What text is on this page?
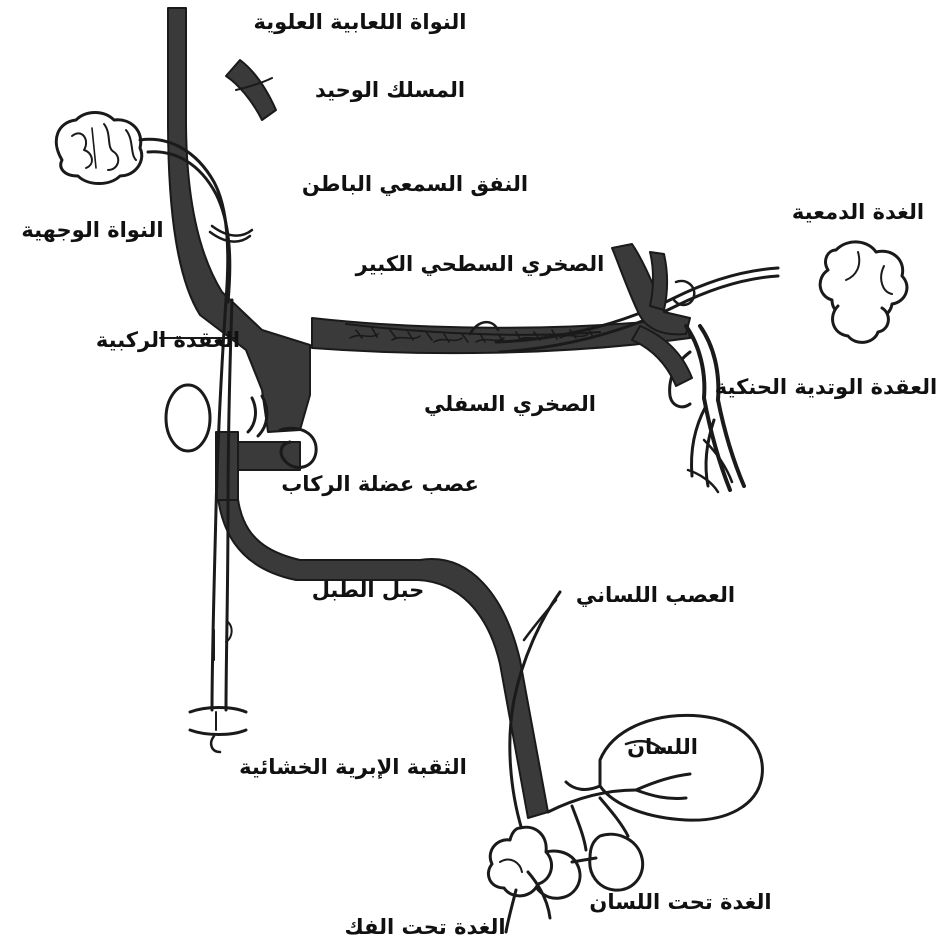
النواة اللعابية العلوية
المسلك الوحيد
النفق السمعي الباطن
الصخري السطحي الكبير
النواة الوجهية
العقدة الركبية
الغدة الدمعية
العقدة الوتدية الحنكية
الصخري السفلي
عصب عضلة الركاب
حبل الطبل	العصب اللساني
اللسان
الثقبة الإبرية الخشائية
الغدة تحت اللسان
الغدة تحت الفك
